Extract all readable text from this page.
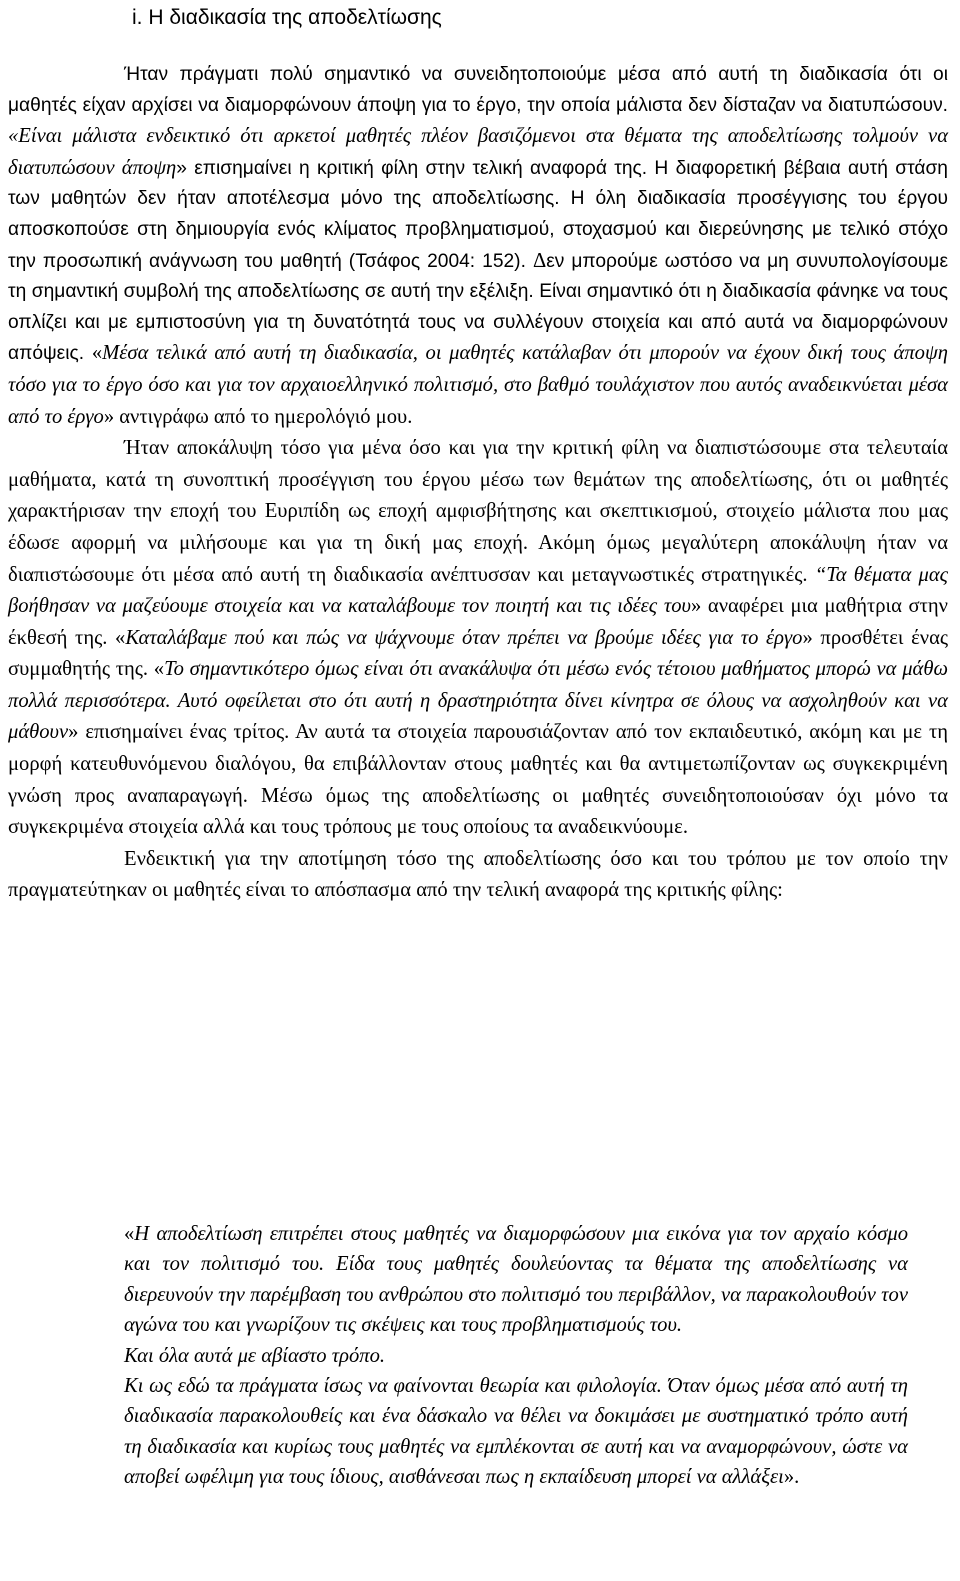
i. Η διαδικασία της αποδελτίωσης

Ήταν πράγματι πολύ σημαντικό να συνειδητοποιούμε μέσα από αυτή τη διαδικασία ότι οι μαθητές είχαν αρχίσει να διαμορφώνουν άποψη για το έργο, την οποία μάλιστα δεν δίσταζαν να διατυπώσουν. «Είναι μάλιστα ενδεικτικό ότι αρκετοί μαθητές πλέον βασιζόμενοι στα θέματα της αποδελτίωσης τολμούν να διατυπώσουν άποψη» επισημαίνει η κριτική φίλη στην τελική αναφορά της. Η διαφορετική βέβαια αυτή στάση των μαθητών δεν ήταν αποτέλεσμα μόνο της αποδελτίωσης. Η όλη διαδικασία προσέγγισης του έργου αποσκοπούσε στη δημιουργία ενός κλίματος προβληματισμού, στοχασμού και διερεύνησης με τελικό στόχο την προσωπική ανάγνωση του μαθητή (Τσάφος 2004: 152). Δεν μπορούμε ωστόσο να μη συνυπολογίσουμε τη σημαντική συμβολή της αποδελτίωσης σε αυτή την εξέλιξη. Είναι σημαντικό ότι η διαδικασία φάνηκε να τους οπλίζει και με εμπιστοσύνη για τη δυνατότητά τους να συλλέγουν στοιχεία και από αυτά να διαμορφώνουν απόψεις. «Μέσα τελικά από αυτή τη διαδικασία, οι μαθητές κατάλαβαν ότι μπορούν να έχουν δική τους άποψη τόσο για το έργο όσο και για τον αρχαιοελληνικό πολιτισμό, στο βαθμό τουλάχιστον που αυτός αναδεικνύεται μέσα από το έργο» αντιγράφω από το ημερολόγιό μου.

Ήταν αποκάλυψη τόσο για μένα όσο και για την κριτική φίλη να διαπιστώσουμε στα τελευταία μαθήματα, κατά τη συνοπτική προσέγγιση του έργου μέσω των θεμάτων της αποδελτίωσης, ότι οι μαθητές χαρακτήρισαν την εποχή του Ευριπίδη ως εποχή αμφισβήτησης και σκεπτικισμού, στοιχείο μάλιστα που μας έδωσε αφορμή να μιλήσουμε και για τη δική μας εποχή. Ακόμη όμως μεγαλύτερη αποκάλυψη ήταν να διαπιστώσουμε ότι μέσα από αυτή τη διαδικασία ανέπτυσσαν και μεταγνωστικές στρατηγικές. “Τα θέματα μας βοήθησαν να μαζεύουμε στοιχεία και να καταλάβουμε τον ποιητή και τις ιδέες του» αναφέρει μια μαθήτρια στην έκθεσή της. «Καταλάβαμε πού και πώς να ψάχνουμε όταν πρέπει να βρούμε ιδέες για το έργο» προσθέτει ένας συμμαθητής της. «Το σημαντικότερο όμως είναι ότι ανακάλυψα ότι μέσω ενός τέτοιου μαθήματος μπορώ να μάθω πολλά περισσότερα. Αυτό οφείλεται στο ότι αυτή η δραστηριότητα δίνει κίνητρα σε όλους να ασχοληθούν και να μάθουν» επισημαίνει ένας τρίτος. Αν αυτά τα στοιχεία παρουσιάζονταν από τον εκπαιδευτικό, ακόμη και με τη μορφή κατευθυνόμενου διαλόγου, θα επιβάλλονταν στους μαθητές και θα αντιμετωπίζονταν ως συγκεκριμένη γνώση προς αναπαραγωγή. Μέσω όμως της αποδελτίωσης οι μαθητές συνειδητοποιούσαν όχι μόνο τα συγκεκριμένα στοιχεία αλλά και τους τρόπους με τους οποίους τα αναδεικνύουμε.

Ενδεικτική για την αποτίμηση τόσο της αποδελτίωσης όσο και του τρόπου με τον οποίο την πραγματεύτηκαν οι μαθητές είναι το απόσπασμα από την τελική αναφορά της κριτικής φίλης:

«Η αποδελτίωση επιτρέπει στους μαθητές να διαμορφώσουν μια εικόνα για τον αρχαίο κόσμο και τον πολιτισμό του. Είδα τους μαθητές δουλεύοντας τα θέματα της αποδελτίωσης να διερευνούν την παρέμβαση του ανθρώπου στο πολιτισμό του περιβάλλον, να παρακολουθούν τον αγώνα του και γνωρίζουν τις σκέψεις και τους προβληματισμούς του.

Και όλα αυτά με αβίαστο τρόπο.

Κι ως εδώ τα πράγματα ίσως να φαίνονται θεωρία και φιλολογία. Όταν όμως μέσα από αυτή τη διαδικασία παρακολουθείς και ένα δάσκαλο να θέλει να δοκιμάσει με συστηματικό τρόπο αυτή τη διαδικασία και κυρίως τους μαθητές να εμπλέκονται σε αυτή και να αναμορφώνουν, ώστε να αποβεί ωφέλιμη για τους ίδιους, αισθάνεσαι πως η εκπαίδευση μπορεί να αλλάξει».
